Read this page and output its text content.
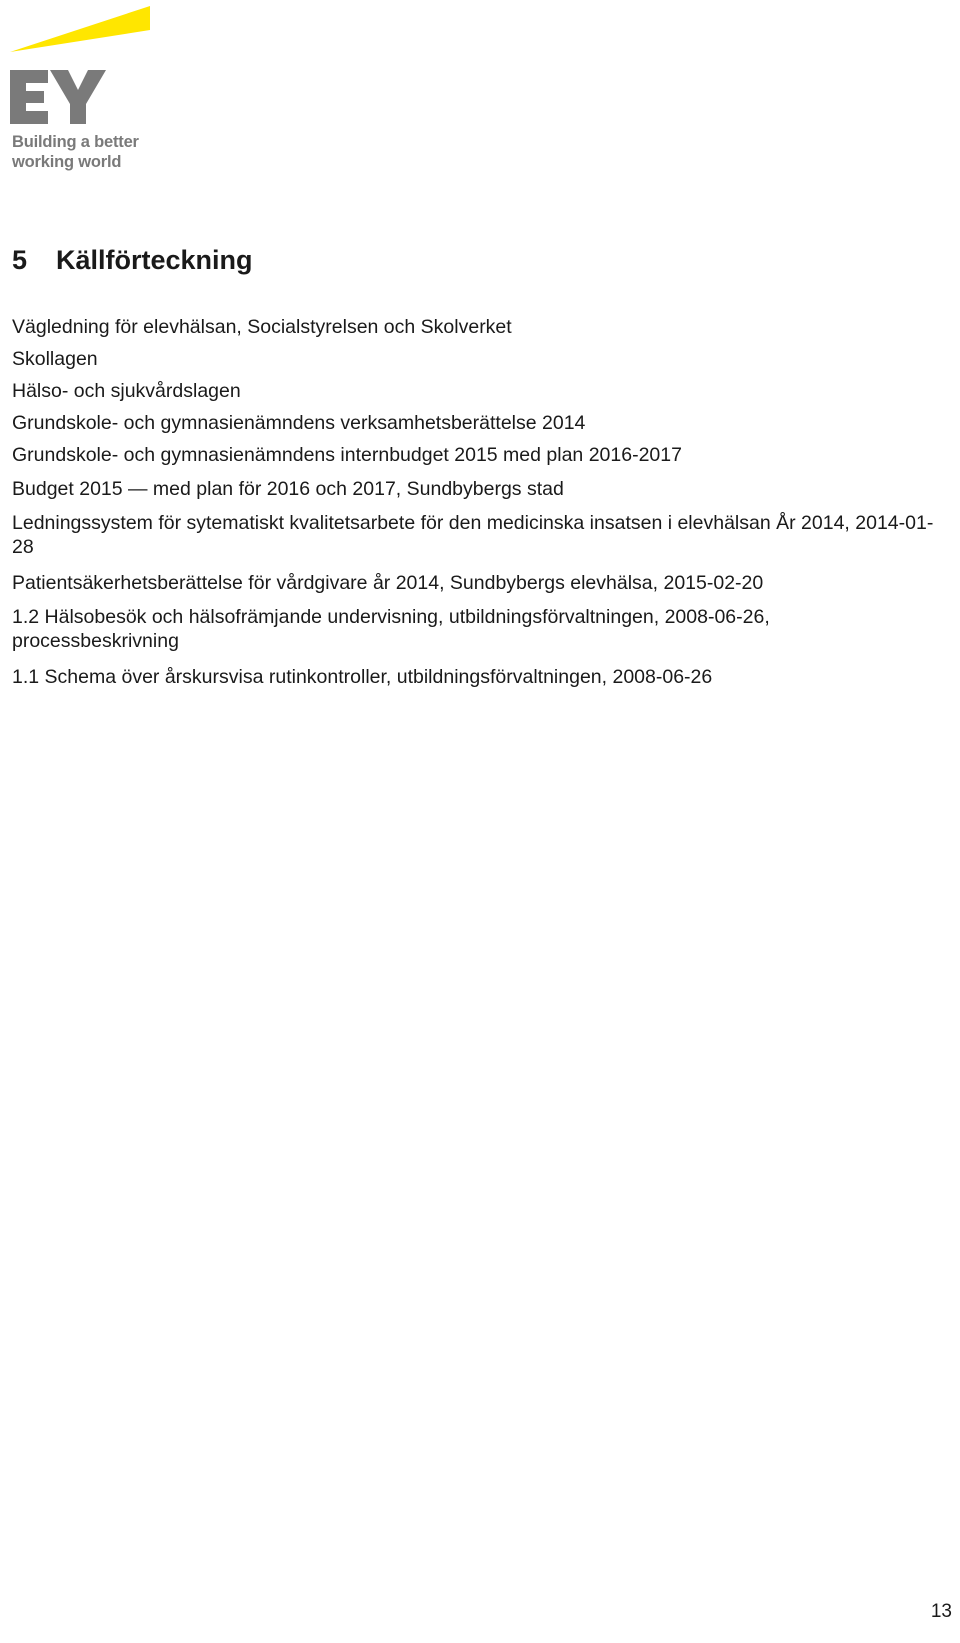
Building a better
working world
5 Källförteckning
Vägledning för elevhälsan, Socialstyrelsen och Skolverket
Skollagen
Hälso- och sjukvårdslagen
Grundskole- och gymnasienämndens verksamhetsberättelse 2014
Grundskole- och gymnasienämndens internbudget 2015 med plan 2016-2017
Budget 2015 — med plan för 2016 och 2017, Sundbybergs stad
Ledningssystem för sytematiskt kvalitetsarbete för den medicinska insatsen i elevhälsan År 2014, 2014-01-28
Patientsäkerhetsberättelse för vårdgivare år 2014, Sundbybergs elevhälsa, 2015-02-20
1.2 Hälsobesök och hälsofrämjande undervisning, utbildningsförvaltningen, 2008-06-26, processbeskrivning
1.1 Schema över årskursvisa rutinkontroller, utbildningsförvaltningen, 2008-06-26
13
